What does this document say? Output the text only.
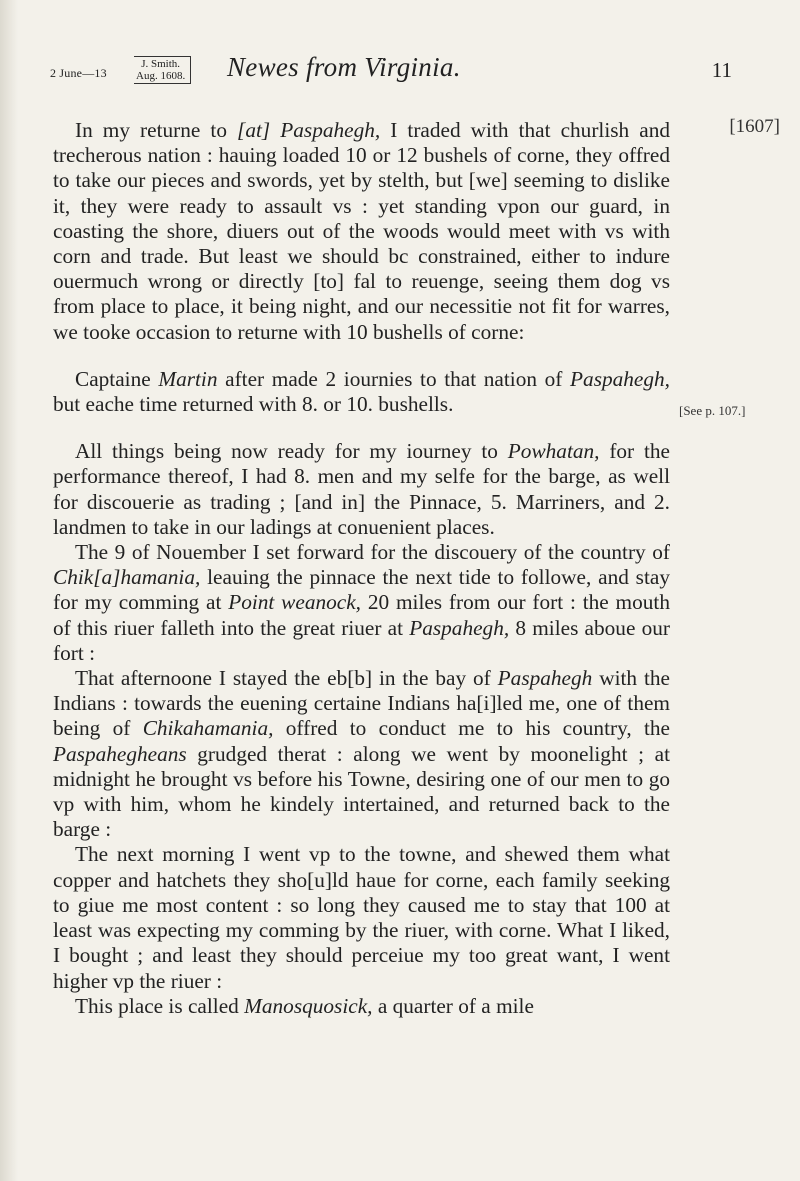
2 June—13
J. Smith.
Aug. 1608. Newes from Virginia.	11
[1607]
[See p. 107.]

In my returne to [at] Paspahegh, I traded with that churlish and trecherous nation : hauing loaded 10 or 12 bushels of corne, they offred to take our pieces and swords, yet by stelth, but [we] seeming to dislike it, they were ready to assault vs : yet standing vpon our guard, in coasting the shore, diuers out of the woods would meet with vs with corn and trade. But least we should bc constrained, either to indure ouermuch wrong or directly [to] fal to reuenge, seeing them dog vs from place to place, it being night, and our necessitie not fit for warres, we tooke occasion to returne with 10 bushells of corne:

Captaine Martin after made 2 iournies to that nation of Paspahegh, but eache time returned with 8. or 10. bushells.

All things being now ready for my iourney to Powhatan, for the performance thereof, I had 8. men and my selfe for the barge, as well for discouerie as trading ; [and in] the Pinnace, 5. Marriners, and 2. landmen to take in our ladings at conuenient places.

The 9 of Nouember I set forward for the discouery of the country of Chik[a]hamania, leauing the pinnace the next tide to followe, and stay for my comming at Point weanock, 20 miles from our fort : the mouth of this riuer falleth into the great riuer at Paspahegh, 8 miles aboue our fort :

That afternoone I stayed the eb[b] in the bay of Paspahegh with the Indians : towards the euening certaine Indians ha[i]led me, one of them being of Chikahamania, offred to conduct me to his country, the Paspahegheans grudged therat : along we went by moonelight ; at midnight he brought vs before his Towne, desiring one of our men to go vp with him, whom he kindely intertained, and returned back to the barge :

The next morning I went vp to the towne, and shewed them what copper and hatchets they sho[u]ld haue for corne, each family seeking to giue me most content : so long they caused me to stay that 100 at least was expecting my comming by the riuer, with corne. What I liked, I bought ; and least they should perceiue my too great want, I went higher vp the riuer :

This place is called Manosquosick, a quarter of a mile
